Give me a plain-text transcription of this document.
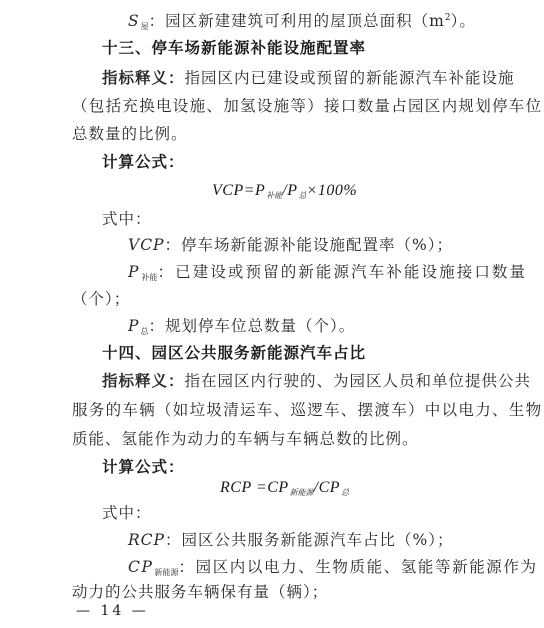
S屋：园区新建建筑可利用的屋顶总面积$(m^2)$。
十三、停车场新能源补能设施配置率
指标释义：指园区内已建设或预留的新能源汽车补能设施
（包括充换电设施、加氢设施等）接口数量占园区内规划停车位
总数量的比例。
计算公式：
VCP=P补能/P总×100%
式中：
VCP：停车场新能源补能设施配置率（%）；
P补能：已建设或预留的新能源汽车补能设施接口数量
（个）；
P总：规划停车位总数量（个）。
十四、园区公共服务新能源汽车占比
指标释义：指在园区内行驶的、为园区人员和单位提供公共
服务的车辆（如垃圾清运车、巡逻车、摆渡车）中以电力、生物
质能、氢能作为动力的车辆与车辆总数的比例。
计算公式：
RCP =CP新能源/CP总
式中：
RCP：园区公共服务新能源汽车占比（%）；
CP新能源：园区内以电力、生物质能、氢能等新能源作为
动力的公共服务车辆保有量（辆）；
— 14 —
